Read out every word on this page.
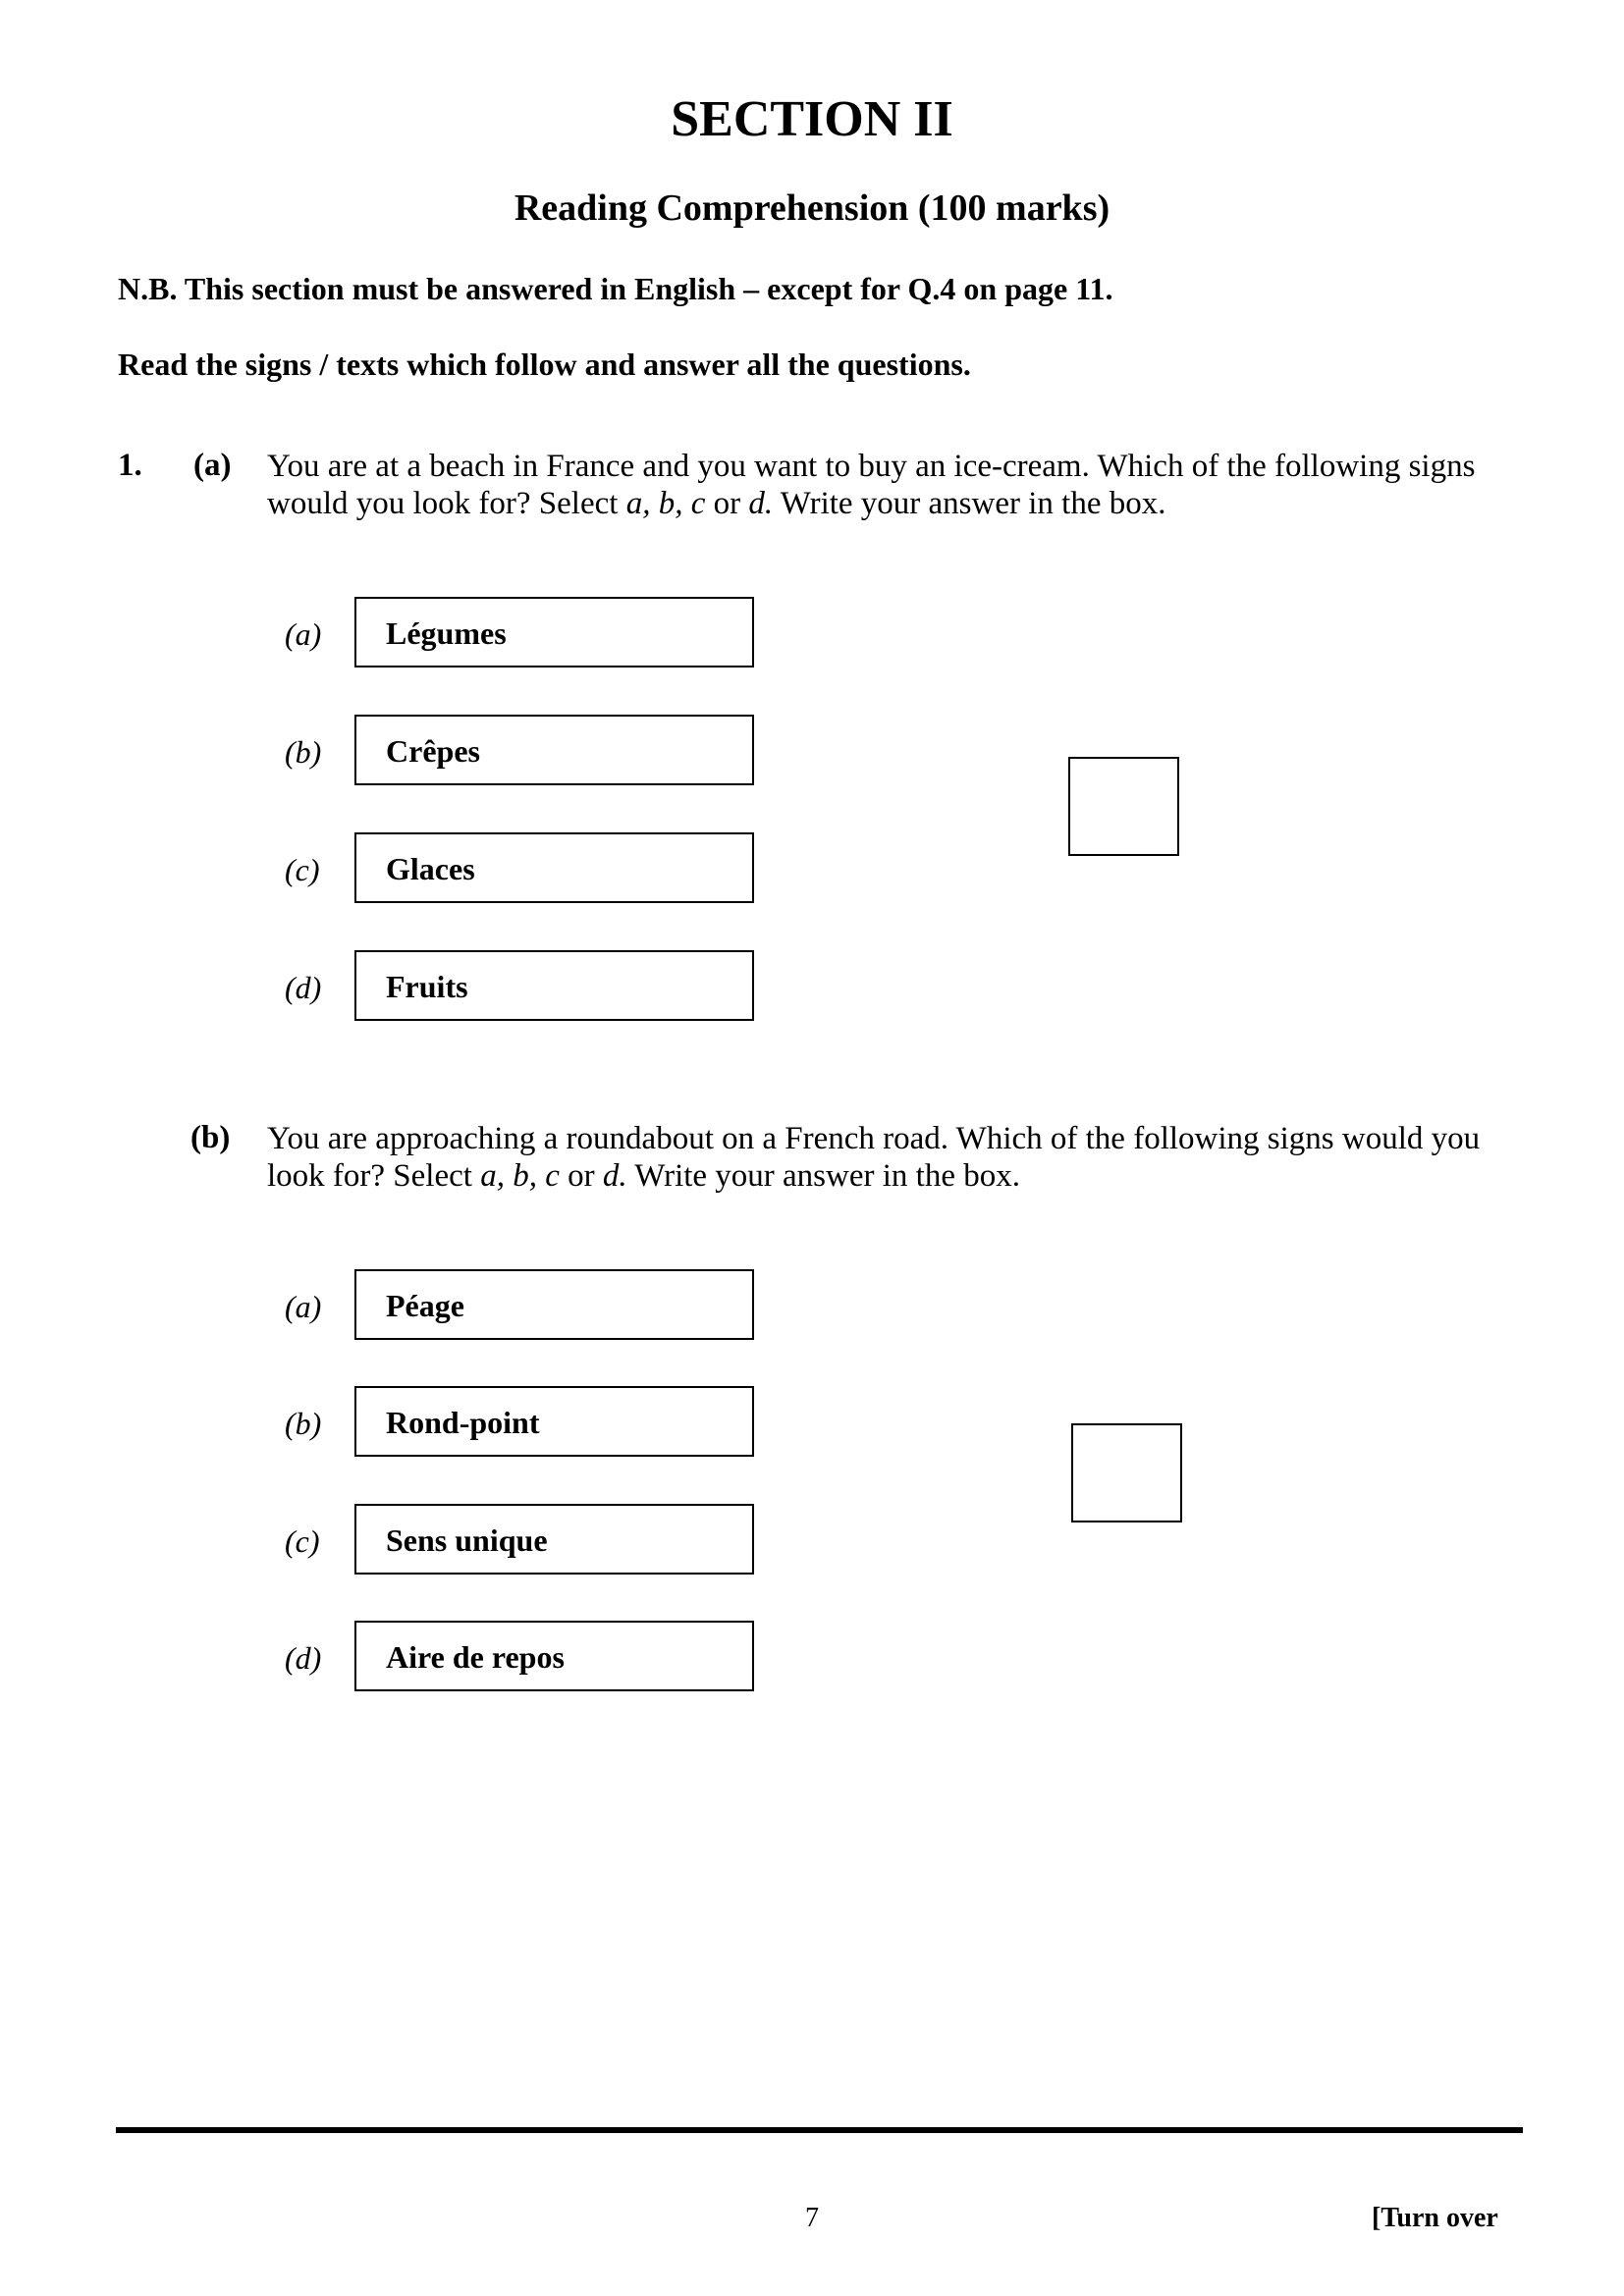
SECTION II
Reading Comprehension (100 marks)
N.B. This section must be answered in English – except for Q.4 on page 11.
Read the signs / texts which follow and answer all the questions.
1. (a) You are at a beach in France and you want to buy an ice-cream. Which of the following signs
would you look for? Select a, b, c or d. Write your answer in the box.
(a) Légumes
(b) Crêpes
(c) Glaces
(d) Fruits
(b) You are approaching a roundabout on a French road. Which of the following signs would you
look for? Select a, b, c or d. Write your answer in the box.
(a) Péage
(b) Rond-point
(c) Sens unique
(d) Aire de repos
7	[Turn over
